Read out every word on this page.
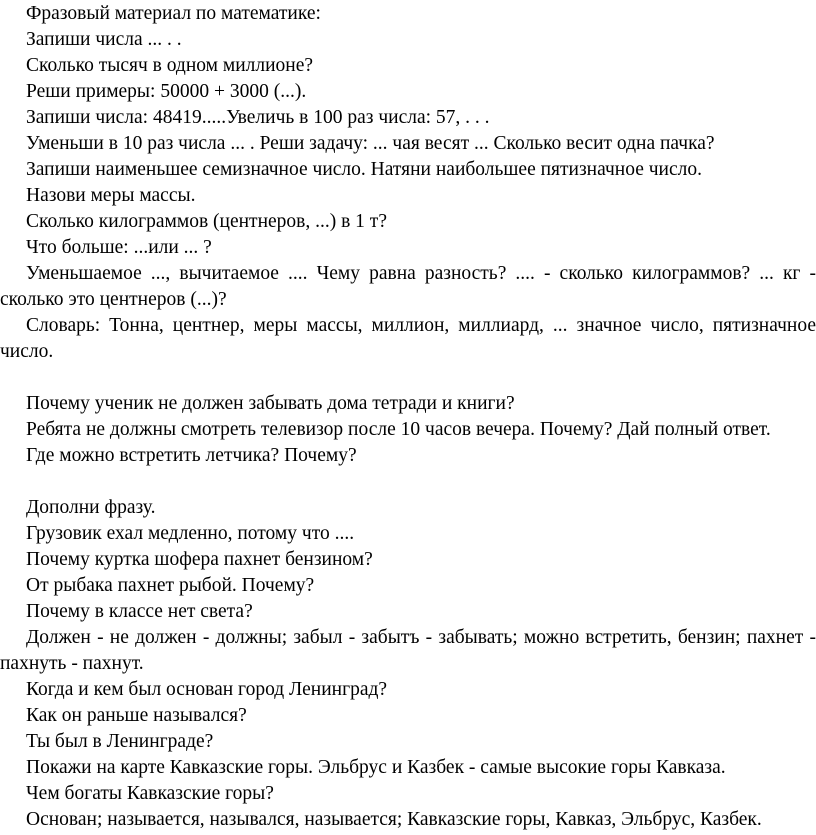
Фразовый материал по математике:

Запиши числа ... . .

Сколько тысяч в одном миллионе?

Реши примеры: 50000 + 3000 (...).

Запиши числа: 48419.....Увеличь в 100 раз числа: 57, . . .

Уменьши в 10 раз числа ... . Реши задачу: ... чая весят ... Сколько весит одна пачка?

Запиши наименьшее семизначное число. Натяни наибольшее пятизначное число.

Назови меры массы.

Сколько килограммов (центнеров, ...) в 1 т?

Что больше: ...или ... ?

Уменьшаемое ..., вычитаемое .... Чему равна разность? .... - сколько килограммов? ... кг - сколько это центнеров (...)?

Словарь: Тонна, центнер, меры массы, миллион, миллиард, ... значное число, пятизначное число.

Почему ученик не должен забывать дома тетради и книги?

Ребята не должны смотреть телевизор после 10 часов вечера. Почему? Дай полный ответ.

Где можно встретить летчика? Почему?

Дополни фразу.

Грузовик ехал медленно, потому что ....

Почему куртка шофера пахнет бензином?

От рыбака пахнет рыбой. Почему?

Почему в классе нет света?

Должен - не должен - должны; забыл - забытъ - забывать; можно встретить, бензин; пахнет - пахнуть - пахнут.

Когда и кем был основан город Ленинград?

Как он раньше назывался?

Ты был в Ленинграде?

Покажи на карте Кавказские горы. Эльбрус и Казбек - самые высокие горы Кавказа.

Чем богаты Кавказские горы?

Основан; называется, назывался, называется; Кавказские горы, Кавказ, Эльбрус, Казбек.
